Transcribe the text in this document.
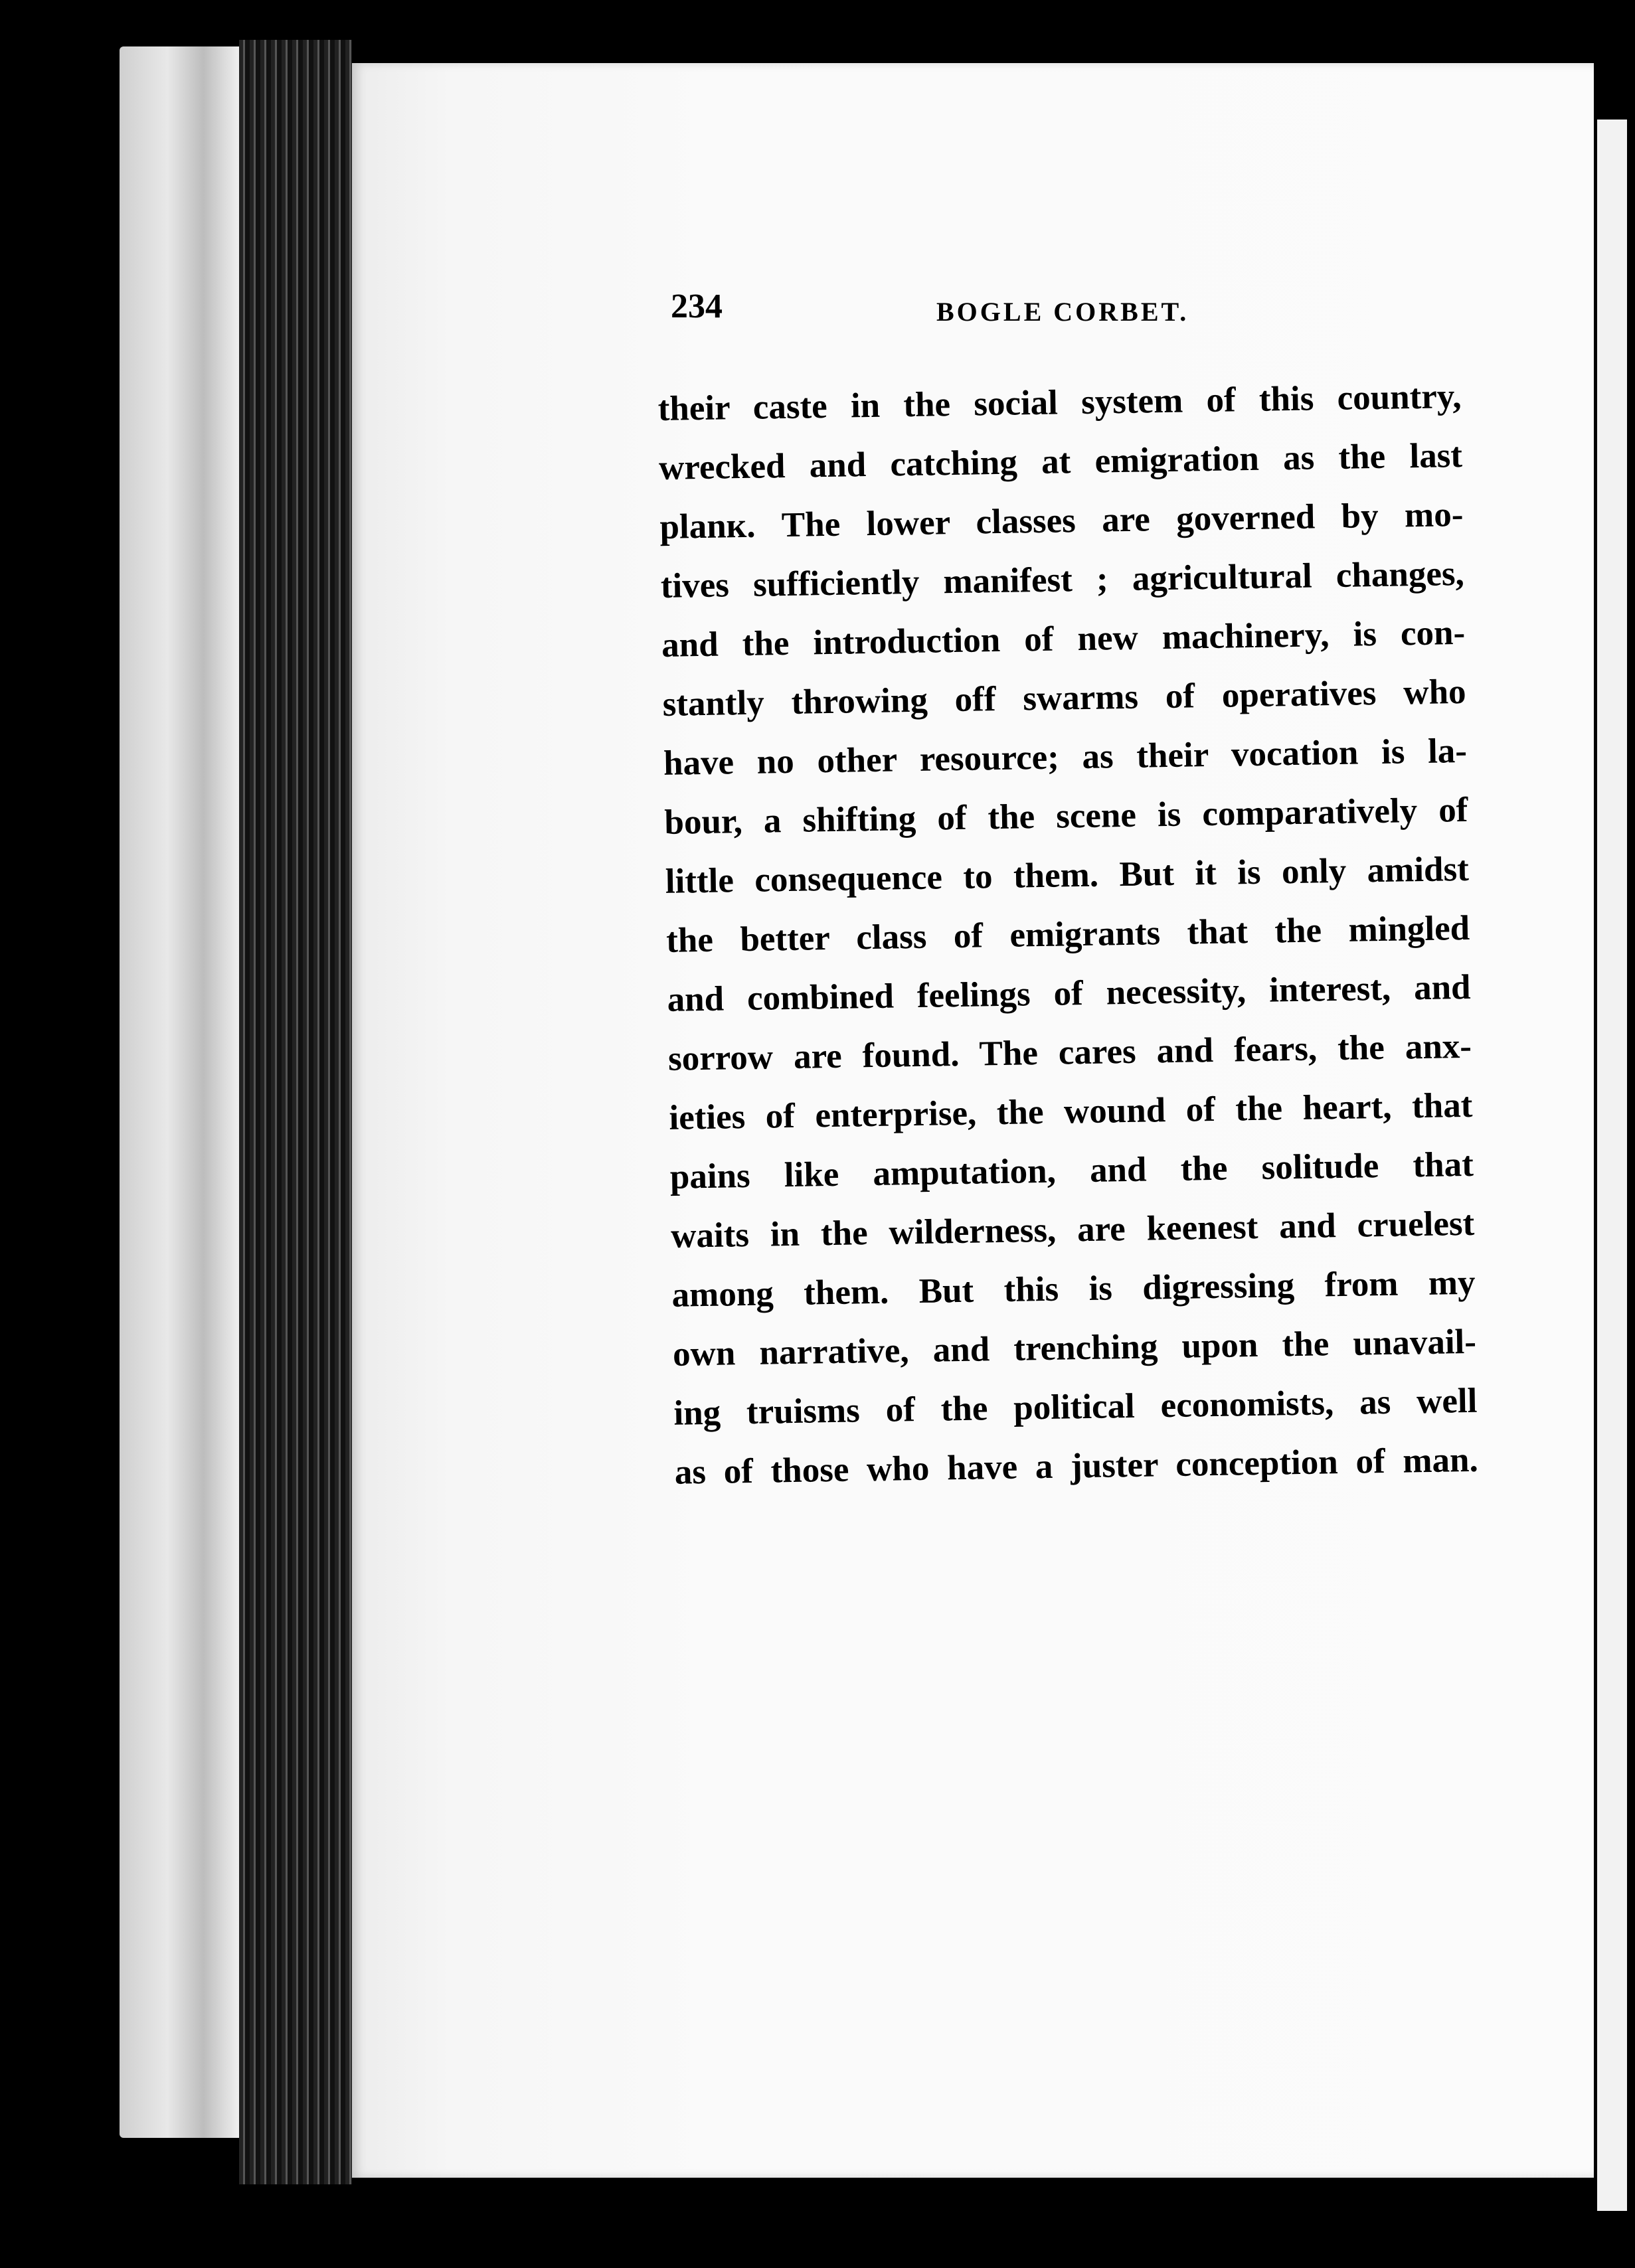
234	BOGLE CORBET.
their caste in the social system of this country,
wrecked and catching at emigration as the last
planк. The lower classes are governed by mo-
tives sufficiently manifest ; agricultural changes,
and the introduction of new machinery, is con-
stantly throwing off swarms of operatives who
have no other resource; as their vocation is la-
bour, a shifting of the scene is comparatively of
little consequence to them. But it is only amidst
the better class of emigrants that the mingled
and combined feelings of necessity, interest, and
sorrow are found. The cares and fears, the anx-
ieties of enterprise, the wound of the heart, that
pains like amputation, and the solitude that
waits in the wilderness, are keenest and cruelest
among them. But this is digressing from my
own narrative, and trenching upon the unavail-
ing truisms of the political economists, as well
as of those who have a juster conception of man.
